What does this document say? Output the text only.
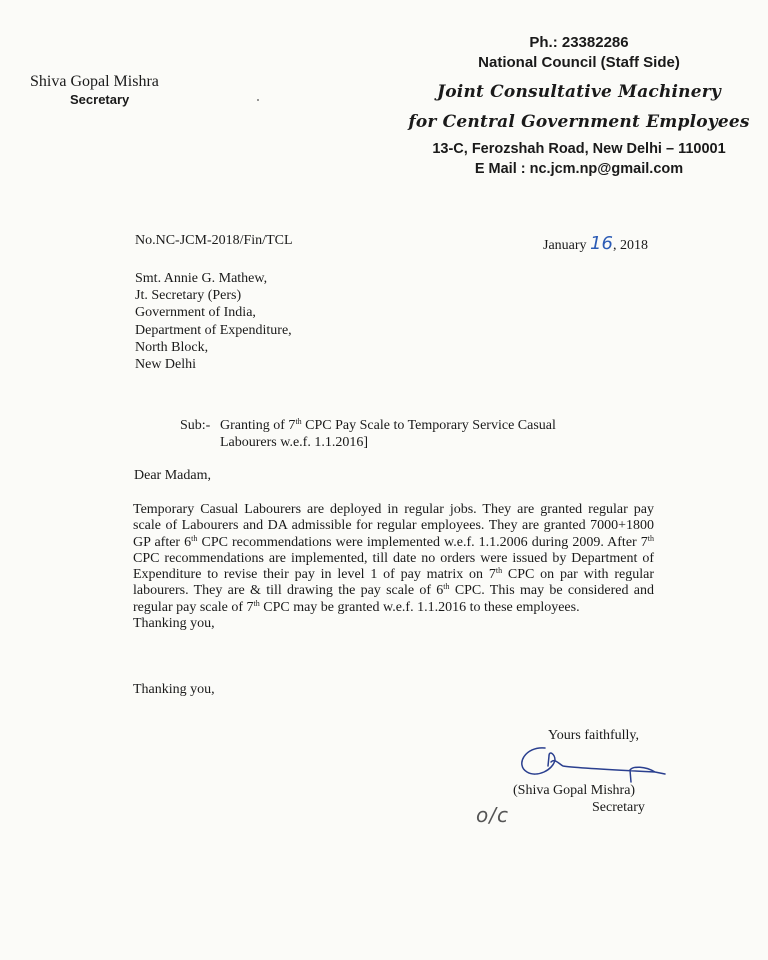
Shiva Gopal Mishra
Secretary
Ph.: 23382286
National Council (Staff Side)
Joint Consultative Machinery
for Central Government Employees
13-C, Ferozshah Road, New Delhi – 110001
E Mail : nc.jcm.np@gmail.com
No.NC-JCM-2018/Fin/TCL	January 16, 2018
Smt. Annie G. Mathew,
Jt. Secretary (Pers)
Government of India,
Department of Expenditure,
North Block,
New Delhi
Sub:- Granting of 7th CPC Pay Scale to Temporary Service Casual
Labourers w.e.f. 1.1.2016]
Dear Madam,
Temporary Casual Labourers are deployed in regular jobs. They are granted regular pay scale of Labourers and DA admissible for regular employees. They are granted 7000+1800 GP after 6th CPC recommendations were implemented w.e.f. 1.1.2006 during 2009. After 7th CPC recommendations are implemented, till date no orders were issued by Department of Expenditure to revise their pay in level 1 of pay matrix on 7th CPC on par with regular labourers. They are & till drawing the pay scale of 6th CPC. This may be considered and regular pay scale of 7th CPC may be granted w.e.f. 1.1.2016 to these employees.
Thanking you,
Thanking you,
Yours faithfully,
(Shiva Gopal Mishra)
Secretary
o/c
